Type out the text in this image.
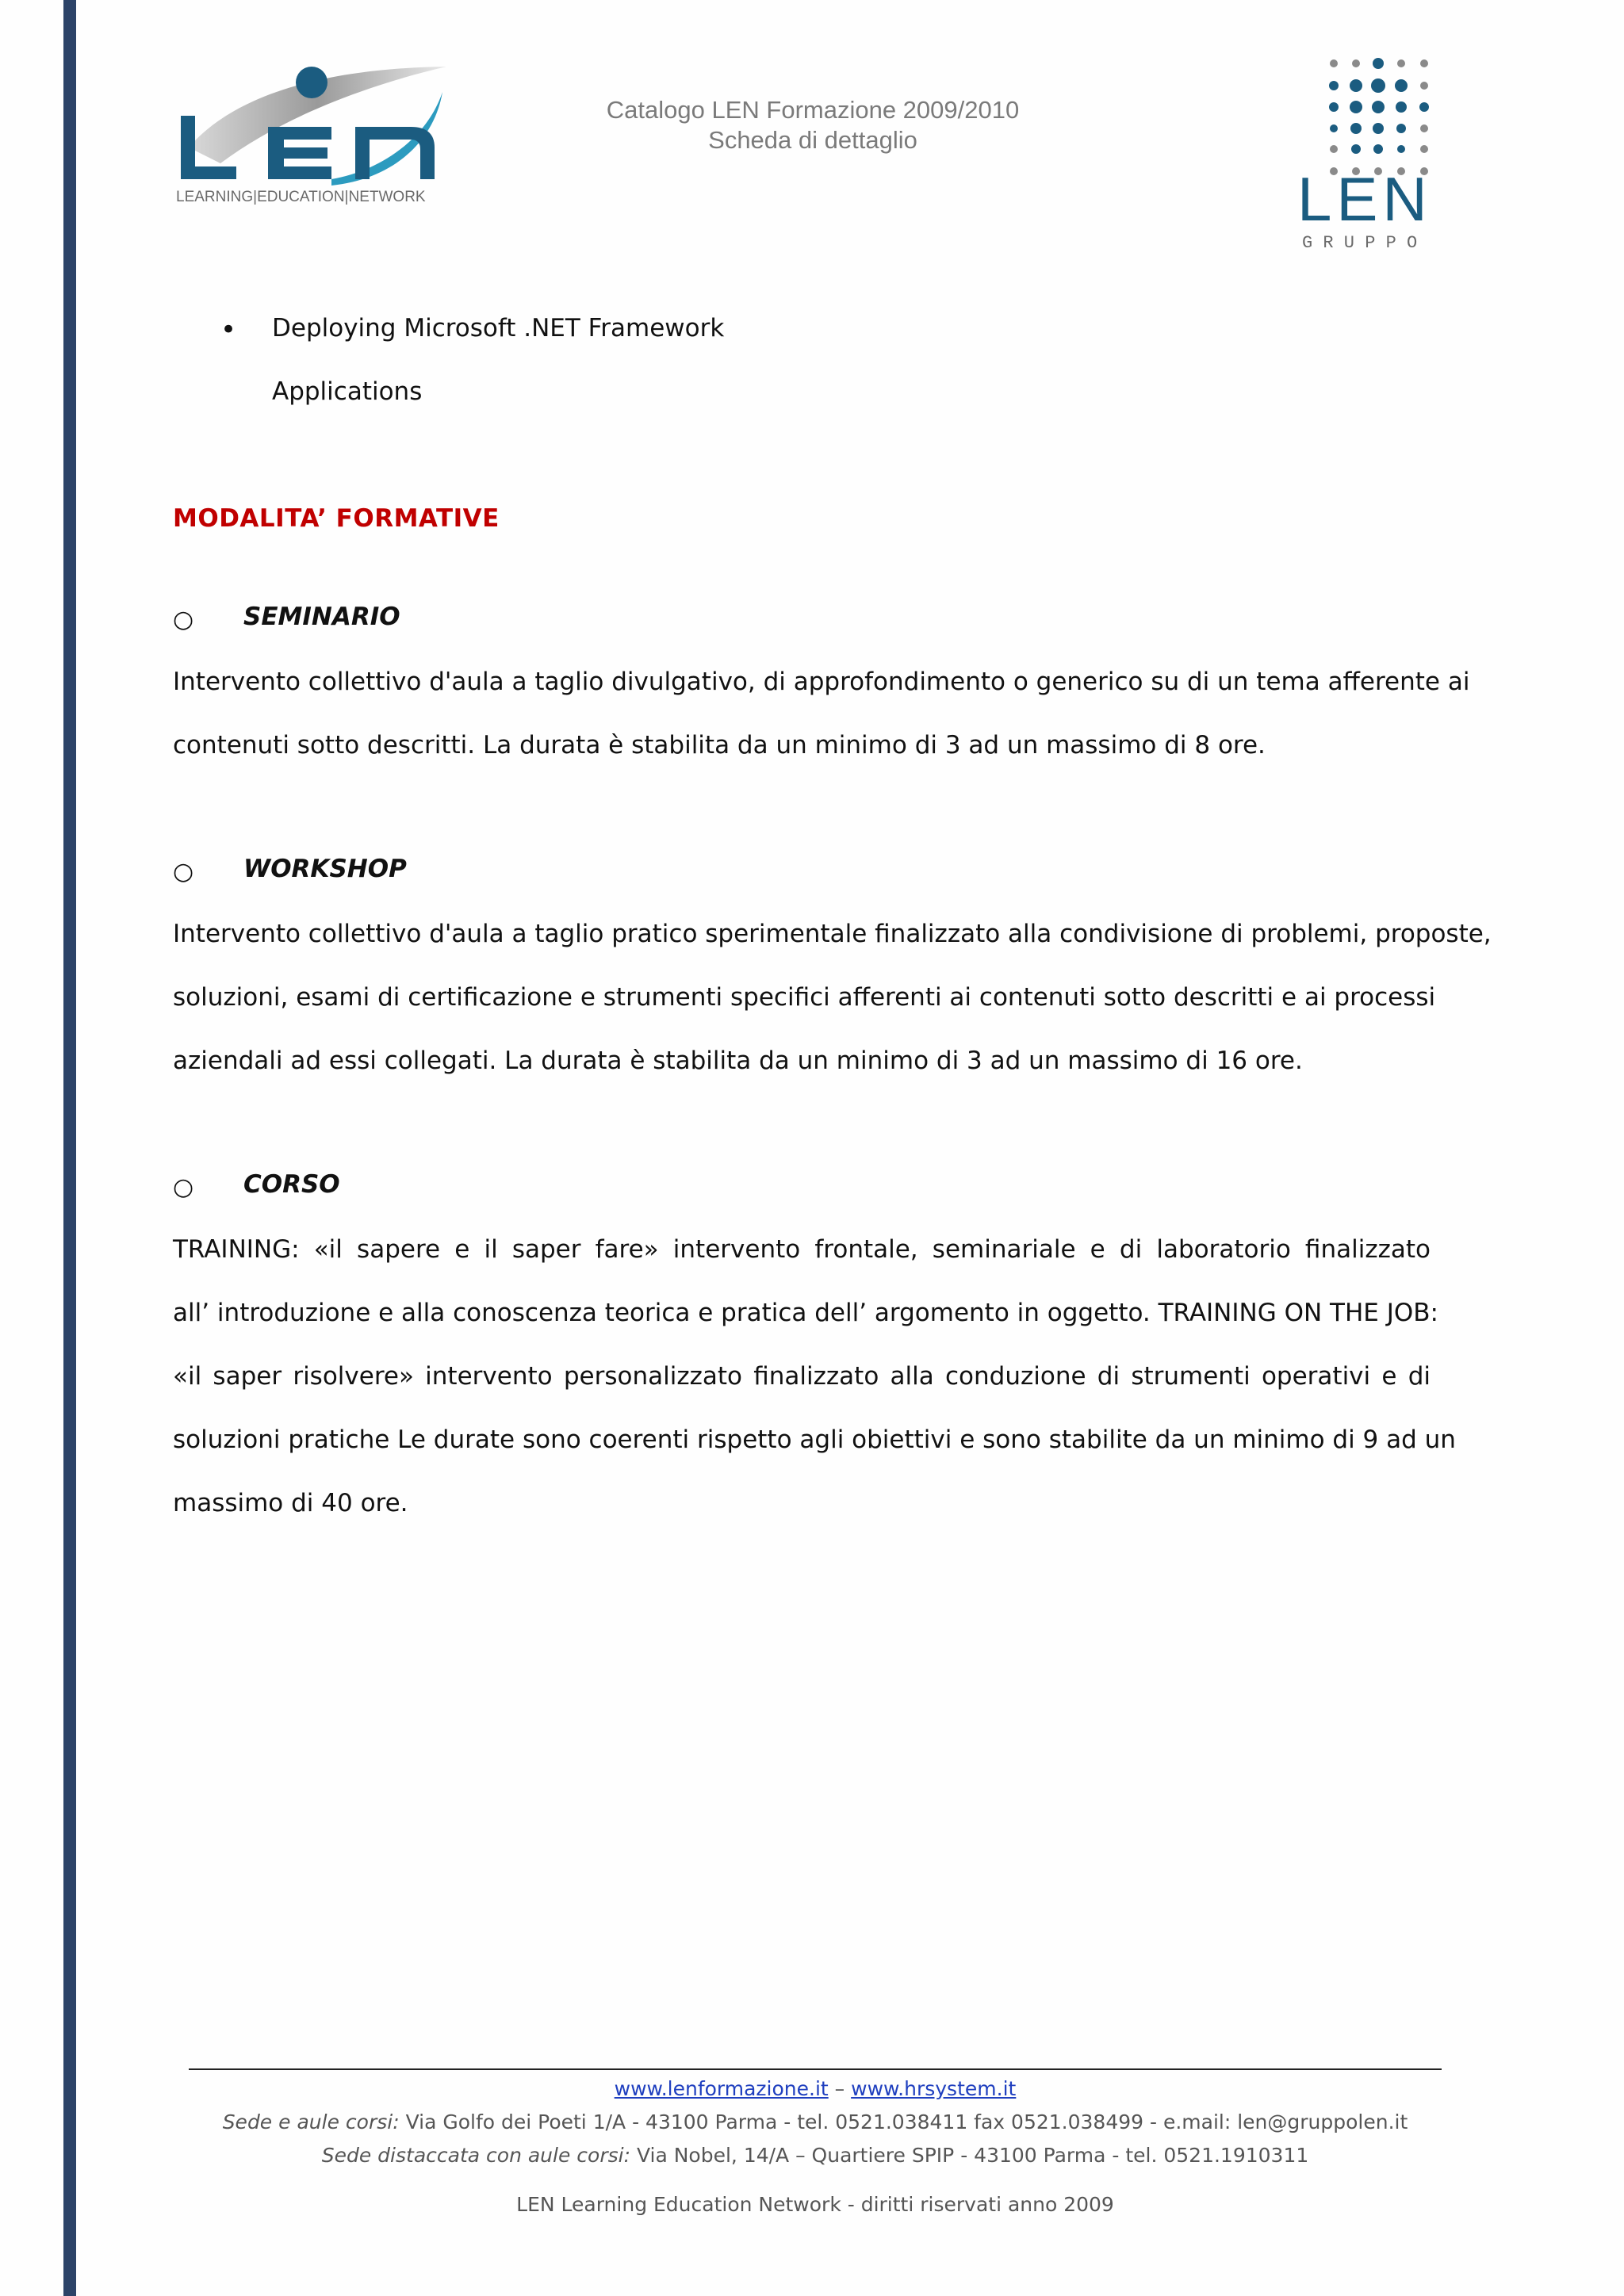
LEARNING|EDUCATION|NETWORK
Catalogo LEN Formazione 2009/2010
Scheda di dettaglio
LEN
G R U P P O
• Deploying Microsoft .NET Framework
Applications
MODALITA’ FORMATIVE
○ SEMINARIO
Intervento collettivo d'aula a taglio divulgativo, di approfondimento o generico su di un tema afferente ai
contenuti sotto descritti. La durata è stabilita da un minimo di 3 ad un massimo di 8 ore.
○ WORKSHOP
Intervento collettivo d'aula a taglio pratico sperimentale finalizzato alla condivisione di problemi, proposte,
soluzioni, esami di certificazione e strumenti specifici afferenti ai contenuti sotto descritti e ai processi
aziendali ad essi collegati. La durata è stabilita da un minimo di 3 ad un massimo di 16 ore.
○ CORSO
TRAINING: «il sapere e il saper fare» intervento frontale, seminariale e di laboratorio finalizzato
all’ introduzione e alla conoscenza teorica e pratica dell’ argomento in oggetto. TRAINING ON THE JOB:
«il saper risolvere» intervento personalizzato finalizzato alla conduzione di strumenti operativi e di
soluzioni pratiche Le durate sono coerenti rispetto agli obiettivi e sono stabilite da un minimo di 9 ad un
massimo di 40 ore.
www.lenformazione.it – www.hrsystem.it
Sede e aule corsi: Via Golfo dei Poeti 1/A - 43100 Parma - tel. 0521.038411 fax 0521.038499 - e.mail: len@gruppolen.it
Sede distaccata con aule corsi: Via Nobel, 14/A – Quartiere SPIP - 43100 Parma - tel. 0521.1910311
LEN Learning Education Network - diritti riservati anno 2009
